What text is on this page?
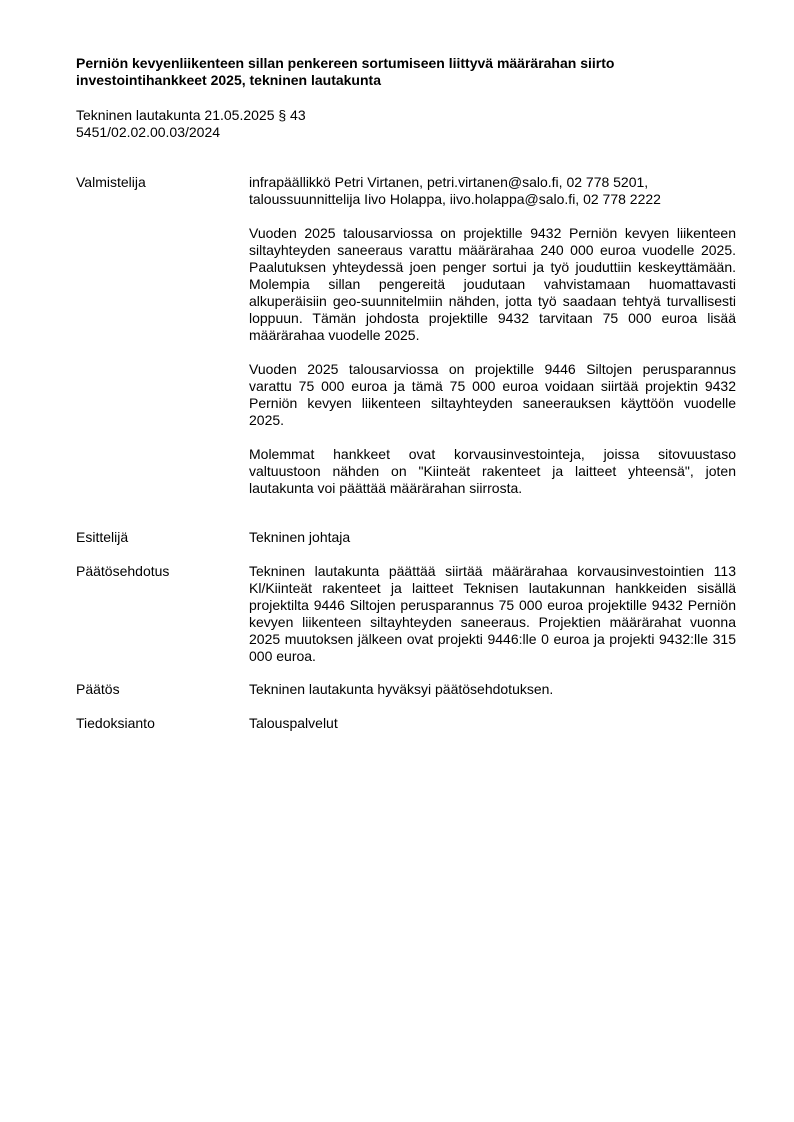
Perniön kevyenliikenteen sillan penkereen sortumiseen liittyvä määrärahan siirto investointihankkeet 2025, tekninen lautakunta
Tekninen lautakunta 21.05.2025 § 43
5451/02.02.00.03/2024
Valmistelija	infrapäällikkö Petri Virtanen, petri.virtanen@salo.fi, 02 778 5201,

taloussuunnittelija Iivo Holappa, iivo.holappa@salo.fi, 02 778 2222

Vuoden 2025 talousarviossa on projektille 9432 Perniön kevyen liikenteen siltayhteyden saneeraus varattu määrärahaa 240 000 euroa vuodelle 2025. Paalutuksen yhteydessä joen penger sortui ja työ jouduttiin keskeyttämään. Molempia sillan pengereitä joudutaan vahvistamaan huomattavasti alkuperäisiin geo-suunnitelmiin nähden, jotta työ saadaan tehtyä turvallisesti loppuun. Tämän johdosta projektille 9432 tarvitaan 75 000 euroa lisää määrärahaa vuodelle 2025.

Vuoden 2025 talousarviossa on projektille 9446 Siltojen perusparannus varattu 75 000 euroa ja tämä 75 000 euroa voidaan siirtää projektin 9432 Perniön kevyen liikenteen siltayhteyden saneerauksen käyttöön vuodelle 2025.

Molemmat hankkeet ovat korvausinvestointeja, joissa sitovuustaso valtuustoon nähden on "Kiinteät rakenteet ja laitteet yhteensä", joten lautakunta voi päättää määrärahan siirrosta.

Esittelijä	Tekninen johtaja

Päätösehdotus	Tekninen lautakunta päättää siirtää määrärahaa korvausinvestointien 113 Kl/Kiinteät rakenteet ja laitteet Teknisen lautakunnan hankkeiden sisällä projektilta 9446 Siltojen perusparannus 75 000 euroa projektille 9432 Perniön kevyen liikenteen siltayhteyden saneeraus. Projektien määrärahat vuonna 2025 muutoksen jälkeen ovat projekti 9446:lle 0 euroa ja projekti 9432:lle 315 000 euroa.

Päätös	Tekninen lautakunta hyväksyi päätösehdotuksen.

Tiedoksianto	Talouspalvelut
